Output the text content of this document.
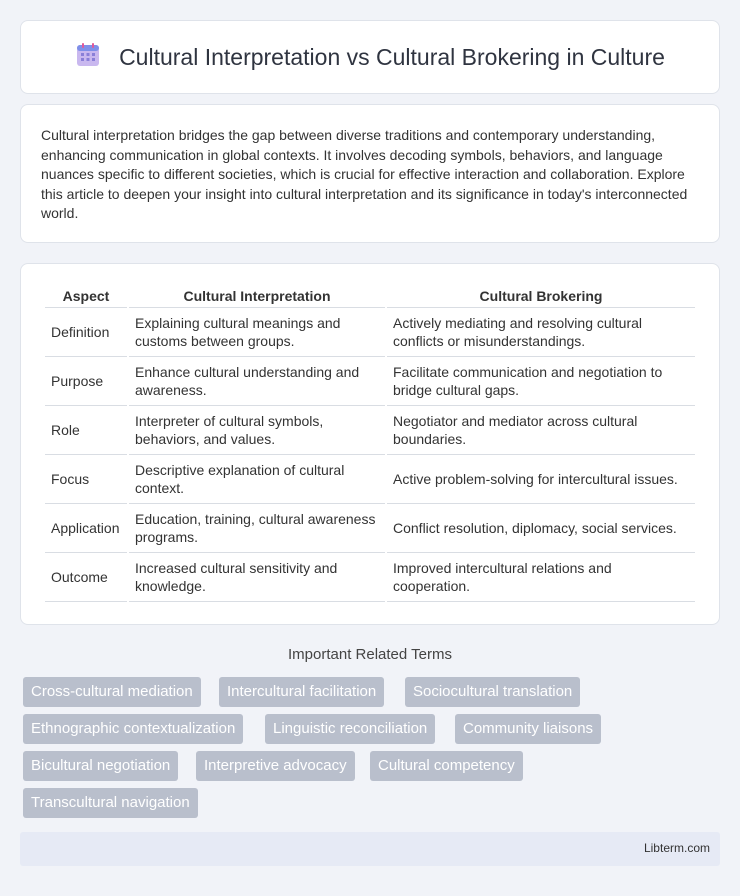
Cultural Interpretation vs Cultural Brokering in Culture

Cultural interpretation bridges the gap between diverse traditions and contemporary understanding, enhancing communication in global contexts. It involves decoding symbols, behaviors, and language nuances specific to different societies, which is crucial for effective interaction and collaboration. Explore this article to deepen your insight into cultural interpretation and its significance in today's interconnected world.

Aspect	Cultural Interpretation	Cultural Brokering
Definition	Explaining cultural meanings and customs between groups.	Actively mediating and resolving cultural conflicts or misunderstandings.
Purpose	Enhance cultural understanding and awareness.	Facilitate communication and negotiation to bridge cultural gaps.
Role	Interpreter of cultural symbols, behaviors, and values.	Negotiator and mediator across cultural boundaries.
Focus	Descriptive explanation of cultural context.	Active problem-solving for intercultural issues.
Application	Education, training, cultural awareness programs.	Conflict resolution, diplomacy, social services.
Outcome	Increased cultural sensitivity and knowledge.	Improved intercultural relations and cooperation.
Important Related Terms
Cross-cultural mediation	Intercultural facilitation	Sociocultural translation
Ethnographic contextualization	Linguistic reconciliation	Community liaisons
Bicultural negotiation	Interpretive advocacy	Cultural competency
Transcultural navigation
Libterm.com
